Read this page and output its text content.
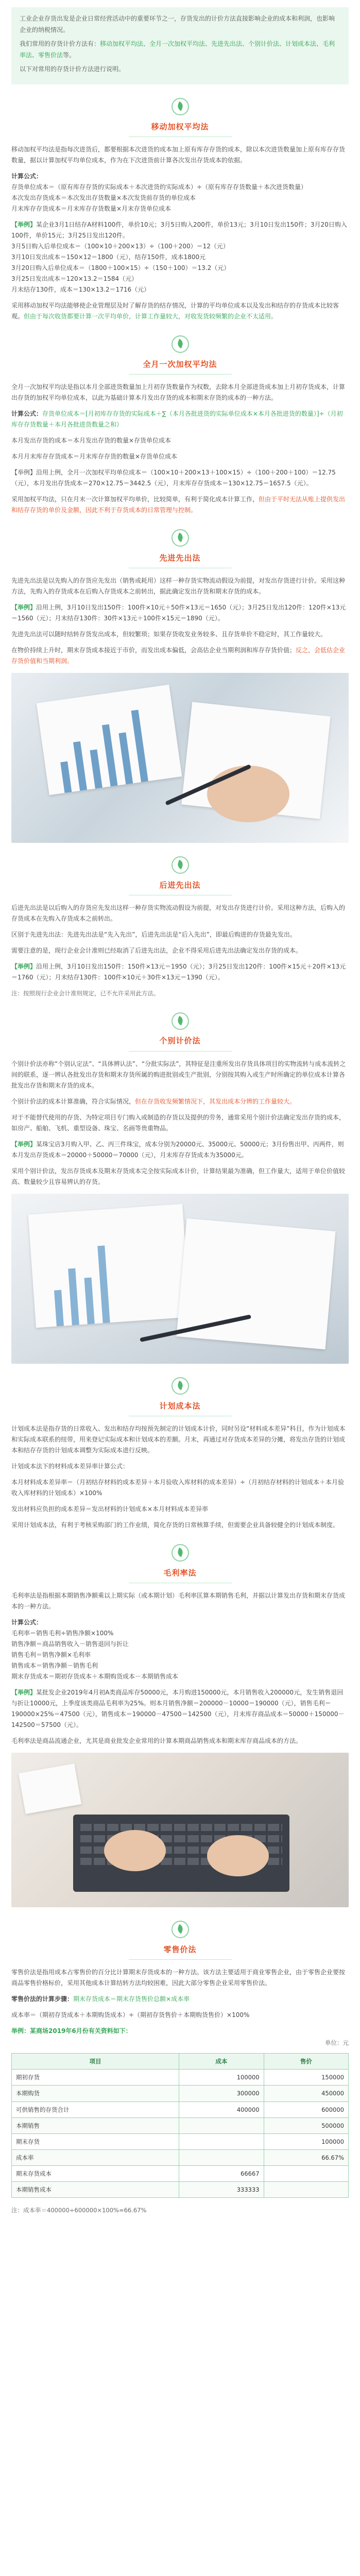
工业企业存货出发是企业日常经营活动中的重要环节之一，存货发出的计价方法直接影响企业的成本和利润，也影响企业的纳税情况。

我们常用的存货计价方法有：移动加权平均法、全月一次加权平均法、先进先出法、个别计价法、计划成本法、毛利率法、零售价法等。

以下对常用的存货计价方法进行说明。

移动加权平均法

移动加权平均法是指每次进货后，都要根据本次进货的成本加上原有库存存货的成本，除以本次进货数量加上原有库存存货数量，据以计算加权平均单位成本，作为在下次进货前计算各次发出存货成本的依据。

计算公式：
存货单位成本＝（原有库存存货的实际成本＋本次进货的实际成本）÷（原有库存存货数量＋本次进货数量）
本次发出存货成本＝本次发出存货数量×本次发货前存货的单位成本
月末库存存货成本＝月末库存存货数量×月末存货单位成本

【举例】某企业3月1日结存A材料100件，单价10元；3月5日购入200件，单价13元；3月10日发出150件；3月20日购入100件，单价15元；3月25日发出120件。
3月5日购入后单位成本＝（100×10＋200×13）÷（100＋200）＝12（元）
3月10日发出成本＝150×12＝1800（元），结存150件，成本1800元
3月20日购入后单位成本＝（1800＋100×15）÷（150＋100）＝13.2（元）
3月25日发出成本＝120×13.2＝1584（元）
月末结存130件，成本＝130×13.2＝1716（元）

采用移动加权平均法能够使企业管理层及时了解存货的结存情况，计算的平均单位成本以及发出和结存的存货成本比较客观。但由于每次收货都要计算一次平均单价，计算工作量较大，对收发货较频繁的企业不太适用。

全月一次加权平均法

全月一次加权平均法是指以本月全部进货数量加上月初存货数量作为权数，去除本月全部进货成本加上月初存货成本，计算出存货的加权平均单位成本，以此为基础计算本月发出存货的成本和期末存货的成本的一种方法。

计算公式：存货单位成本＝[月初库存存货的实际成本＋∑（本月各批进货的实际单位成本×本月各批进货的数量）]÷（月初库存存货数量＋本月各批进货数量之和）

本月发出存货的成本＝本月发出存货的数量×存货单位成本

本月月末库存存货成本＝月末库存存货的数量×存货单位成本

【举例】沿用上例，全月一次加权平均单位成本＝（100×10＋200×13＋100×15）÷（100＋200＋100）＝12.75（元），本月发出存货成本＝270×12.75＝3442.5（元），月末库存存货成本＝130×12.75＝1657.5（元）。

采用加权平均法，只在月末一次计算加权平均单价，比较简单，有利于简化成本计算工作，但由于平时无法从账上提供发出和结存存货的单价及金额，因此不利于存货成本的日常管理与控制。

先进先出法

先进先出法是以先购入的存货应先发出（销售或耗用）这样一种存货实物流动假设为前提，对发出存货进行计价。采用这种方法，先购入的存货成本在后购入存货成本之前转出，据此确定发出存货和期末存货的成本。

【举例】沿用上例，3月10日发出150件：100件×10元＋50件×13元＝1650（元）；3月25日发出120件：120件×13元＝1560（元）；月末结存130件：30件×13元＋100件×15元＝1890（元）。

先进先出法可以随时结转存货发出成本，但较繁琐；如果存货收发业务较多、且存货单价不稳定时，其工作量较大。

在物价持续上升时，期末存货成本接近于市价，而发出成本偏低，会高估企业当期利润和库存存货价值；反之，会低估企业存货价值和当期利润。

后进先出法

后进先出法是以后购入的存货应先发出这样一种存货实物流动假设为前提，对发出存货进行计价。采用这种方法，后购入的存货成本在先购入存货成本之前转出。

区别于先进先出法：先进先出法是“先入先出”，后进先出法是“后入先出”，即最后购进的存货最先发出。

需要注意的是，现行企业会计准则已经取消了后进先出法，企业不得采用后进先出法确定发出存货的成本。

【举例】沿用上例，3月10日发出150件：150件×13元＝1950（元）；3月25日发出120件：100件×15元＋20件×13元＝1760（元）；月末结存130件：100件×10元＋30件×13元＝1390（元）。

注：按照现行企业会计准则规定，已不允许采用此方法。

个别计价法

个别计价法亦称“个别认定法”、“具体辨认法”、“分批实际法”，其特征是注重所发出存货具体项目的实物流转与成本流转之间的联系，逐一辨认各批发出存货和期末存货所属的购进批别或生产批别，分别按其购入或生产时所确定的单位成本计算各批发出存货和期末存货的成本。

个别计价法的成本计算准确，符合实际情况，但在存货收发频繁情况下，其发出成本分辨的工作量较大。

对于不能替代使用的存货、为特定项目专门购入或制造的存货以及提供的劳务，通常采用个别计价法确定发出存货的成本，如房产、船舶、飞机、重型设备、珠宝、名画等贵重物品。

【举例】某珠宝店3月购入甲、乙、丙三件珠宝，成本分别为20000元、35000元、50000元；3月份售出甲、丙两件，则本月发出存货成本＝20000＋50000＝70000（元），月末库存存货成本为35000元。

采用个别计价法，发出存货成本及期末存货成本完全按实际成本计价，计算结果最为准确，但工作量大，适用于单位价值较高、数量较少且容易辨认的存货。

计划成本法

计划成本法是指存货的日常收入、发出和结存均按预先制定的计划成本计价，同时另设“材料成本差异”科目，作为计划成本和实际成本联系的纽带，用来登记实际成本和计划成本的差额。月末，再通过对存货成本差异的分摊，将发出存货的计划成本和结存存货的计划成本调整为实际成本进行反映。

计划成本法下的材料成本差异率计算公式：

本月材料成本差异率＝（月初结存材料的成本差异＋本月验收入库材料的成本差异）÷（月初结存材料的计划成本＋本月验收入库材料的计划成本）×100%

发出材料应负担的成本差异＝发出材料的计划成本×本月材料成本差异率

采用计划成本法，有利于考核采购部门的工作业绩，简化存货的日常核算手续，但需要企业具备较健全的计划成本制度。

毛利率法

毛利率法是指根据本期销售净额乘以上期实际（或本期计划）毛利率匡算本期销售毛利，并据以计算发出存货和期末存货成本的一种方法。

计算公式：
毛利率＝销售毛利÷销售净额×100%
销售净额＝商品销售收入－销售退回与折让
销售毛利＝销售净额×毛利率
销售成本＝销售净额－销售毛利
期末存货成本＝期初存货成本＋本期购货成本－本期销售成本

【举例】某批发企业2019年4月初A类商品库存50000元，本月购进150000元，本月销售收入200000元，发生销售退回与折让10000元，上季度该类商品毛利率为25%。则本月销售净额＝200000－10000＝190000（元），销售毛利＝190000×25%＝47500（元），销售成本＝190000－47500＝142500（元），月末库存商品成本＝50000＋150000－142500＝57500（元）。

毛利率法是商品流通企业，尤其是商业批发企业常用的计算本期商品销售成本和期末库存商品成本的方法。

零售价法

零售价法是指用成本占零售价的百分比计算期末存货成本的一种方法。该方法主要适用于商业零售企业，由于零售企业要按商品零售价格标价，采用其他成本计算结转方法均较困难，因此大部分零售企业采用零售价法。

零售价法的计算步骤：期末存货成本＝期末存货售价总额×成本率

成本率＝（期初存货成本＋本期购货成本）÷（期初存货售价＋本期购货售价）×100%

举例：某商场2019年6月份有关资料如下：

单位：元

项目	成本	售价
期初存货	100000	150000
本期购货	300000	450000
可供销售的存货合计	400000	600000
本期销售		500000
期末存货		100000
成本率		66.67%
期末存货成本	66667	
本期销售成本	333333	

注：成本率＝400000÷600000×100%≈66.67%
